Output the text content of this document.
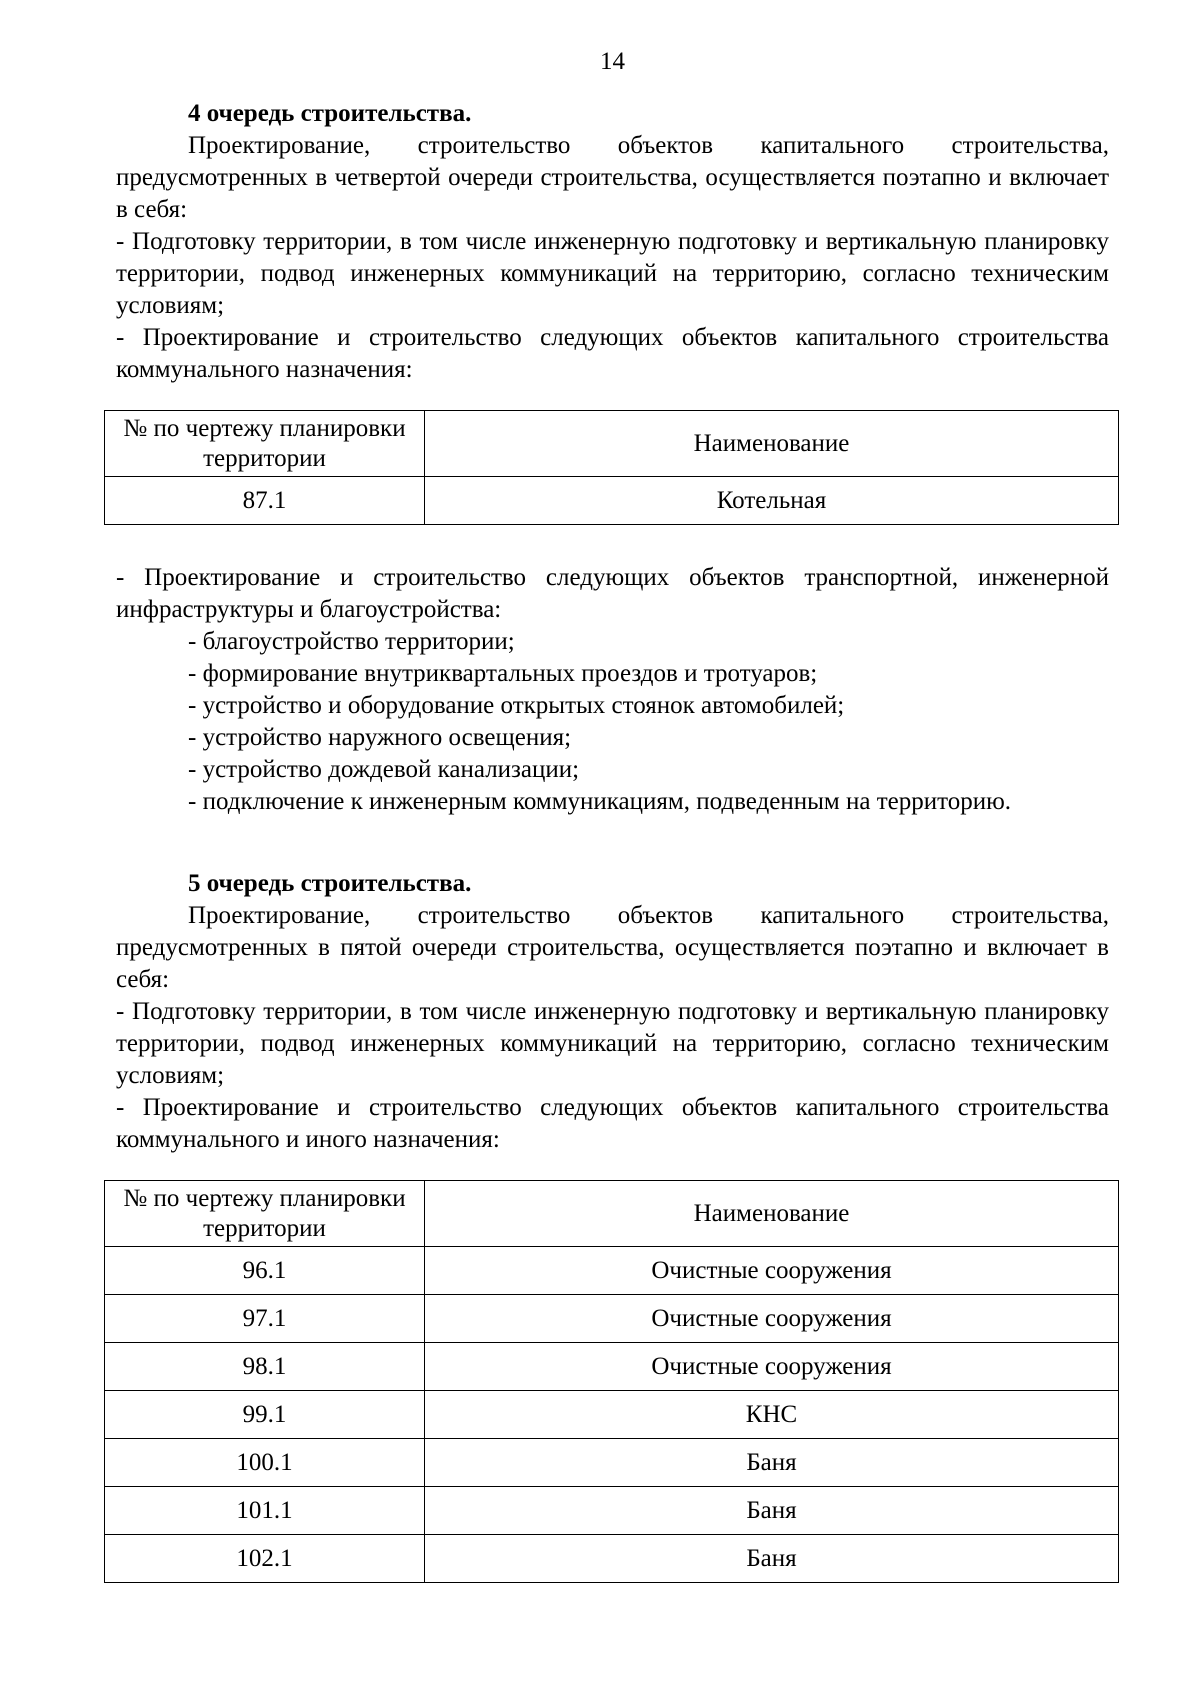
14

4 очередь строительства.

Проектирование, строительство объектов капитального строительства, предусмотренных в четвертой очереди строительства, осуществляется поэтапно и включает в себя:

- Подготовку территории, в том числе инженерную подготовку и вертикальную планировку территории, подвод инженерных коммуникаций на территорию, согласно техническим условиям;

- Проектирование и строительство следующих объектов капитального строительства коммунального назначения:

№ по чертежу планировки территории	Наименование
87.1	Котельная

- Проектирование и строительство следующих объектов транспортной, инженерной инфраструктуры и благоустройства:

- благоустройство территории;
- формирование внутриквартальных проездов и тротуаров;
- устройство и оборудование открытых стоянок автомобилей;
- устройство наружного освещения;
- устройство дождевой канализации;
- подключение к инженерным коммуникациям, подведенным на территорию.

5 очередь строительства.

Проектирование, строительство объектов капитального строительства, предусмотренных в пятой очереди строительства, осуществляется поэтапно и включает в себя:

- Подготовку территории, в том числе инженерную подготовку и вертикальную планировку территории, подвод инженерных коммуникаций на территорию, согласно техническим условиям;

- Проектирование и строительство следующих объектов капитального строительства коммунального и иного назначения:

№ по чертежу планировки территории	Наименование
96.1	Очистные сооружения
97.1	Очистные сооружения
98.1	Очистные сооружения
99.1	КНС
100.1	Баня
101.1	Баня
102.1	Баня
